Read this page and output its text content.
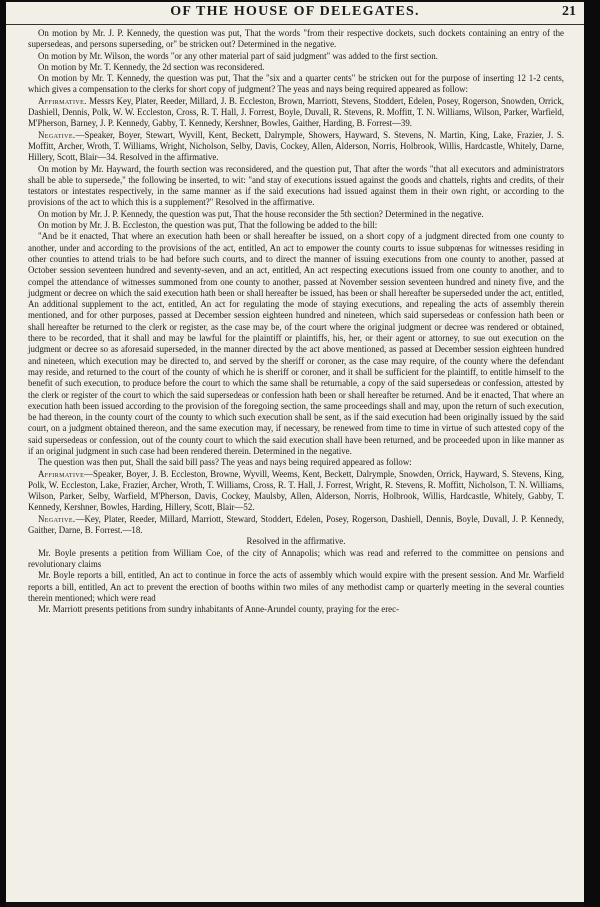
OF THE HOUSE OF DELEGATES.	21

On motion by Mr. J. P. Kennedy, the question was put, That the words "from their respective dockets, such dockets containing an entry of the supersedeas, and persons superseding, or" be stricken out? Determined in the negative.

On motion by Mr. Wilson, the words "or any other material part of said judgment" was added to the first section.

On motion by Mr. T. Kennedy, the 2d section was reconsidered.

On motion by Mr. T. Kennedy, the question was put, That the "six and a quarter cents" be stricken out for the purpose of inserting 12 1-2 cents, which gives a compensation to the clerks for short copy of judgment? The yeas and nays being required appeared as follow:

Affirmative. Messrs Key, Plater, Reeder, Millard, J. B. Eccleston, Brown, Marriott, Stevens, Stoddert, Edelen, Posey, Rogerson, Snowden, Orrick, Dashiell, Dennis, Polk, W. W. Eccleston, Cross, R. T. Hall, J. Forrest, Boyle, Duvall, R. Stevens, R. Moffitt, T. N. Williams, Wilson, Parker, Warfield, M'Pherson, Barney, J. P. Kennedy, Gabby, T. Kennedy, Kershner, Bowles, Gaither, Harding, B. Forrest—39.

Negative.—Speaker, Boyer, Stewart, Wyvill, Kent, Beckett, Dalrymple, Showers, Hayward, S. Stevens, N. Martin, King, Lake, Frazier, J. S. Moffitt, Archer, Wroth, T. Williams, Wright, Nicholson, Selby, Davis, Cockey, Allen, Alderson, Norris, Holbrook, Willis, Hardcastle, Whitely, Darne, Hillery, Scott, Blair—34. Resolved in the affirmative.

On motion by Mr. Hayward, the fourth section was reconsidered, and the question put, That after the words "that all executors and administrators shall be able to supersede," the following be inserted, to wit: "and stay of executions issued against the goods and chattels, rights and credits, of their testators or intestates respectively, in the same manner as if the said executions had issued against them in their own right, or according to the provisions of the act to which this is a supplement?" Resolved in the affirmative.

On motion by Mr. J. P. Kennedy, the question was put, That the house reconsider the 5th section? Determined in the negative.

On motion by Mr. J. B. Eccleston, the question was put, That the following be added to the bill:

"And be it enacted, That where an execution hath been or shall hereafter be issued, on a short copy of a judgment directed from one county to another, under and according to the provisions of the act, entitled, An act to empower the county courts to issue subpœnas for witnesses residing in other counties to attend trials to be had before such courts, and to direct the manner of issuing executions from one county to another, passed at October session seventeen hundred and seventy-seven, and an act, entitled, An act respecting executions issued from one county to another, and to compel the attendance of witnesses summoned from one county to another, passed at November session seventeen hundred and ninety five, and the judgment or decree on which the said execution hath been or shall hereafter be issued, has been or shall hereafter be superseded under the act, entitled, An additional supplement to the act, entitled, An act for regulating the mode of staying executions, and repealing the acts of assembly therein mentioned, and for other purposes, passed at December session eighteen hundred and nineteen, which said supersedeas or confession hath been or shall hereafter be returned to the clerk or register, as the case may be, of the court where the original judgment or decree was rendered or obtained, there to be recorded, that it shall and may be lawful for the plaintiff or plaintiffs, his, her, or their agent or attorney, to sue out execution on the judgment or decree so as aforesaid superseded, in the manner directed by the act above mentioned, as passed at December session eighteen hundred and nineteen, which execution may be directed to, and served by the sheriff or coroner, as the case may require, of the county where the defendant may reside, and returned to the court of the county of which he is sheriff or coroner, and it shall be sufficient for the plaintiff, to entitle himself to the benefit of such execution, to produce before the court to which the same shall be returnable, a copy of the said supersedeas or confession, attested by the clerk or register of the court to which the said supersedeas or confession hath been or shall hereafter be returned. And be it enacted, That where an execution hath been issued according to the provision of the foregoing section, the same proceedings shall and may, upon the return of such execution, be had thereon, in the county court of the county to which such execution shall be sent, as if the said execution had been originally issued by the said court, on a judgment obtained thereon, and the same execution may, if necessary, be renewed from time to time in virtue of such attested copy of the said supersedeas or confession, out of the county court to which the said execution shall have been returned, and be proceeded upon in like manner as if an original judgment in such case had been rendered therein. Determined in the negative.

The question was then put, Shall the said bill pass? The yeas and nays being required appeared as follow:

Affirmative—Speaker, Boyer, J. B. Eccleston, Browne, Wyvill, Weems, Kent, Beckett, Dalrymple, Snowden, Orrick, Hayward, S. Stevens, King, Polk, W. Eccleston, Lake, Frazier, Archer, Wroth, T. Williams, Cross, R. T. Hall, J. Forrest, Wright, R. Stevens, R. Moffitt, Nicholson, T. N. Williams, Wilson, Parker, Selby, Warfield, M'Pherson, Davis, Cockey, Maulsby, Allen, Alderson, Norris, Holbrook, Willis, Hardcastle, Whitely, Gabby, T. Kennedy, Kershner, Bowles, Harding, Hillery, Scott, Blair—52.

Negative.—Key, Plater, Reeder, Millard, Marriott, Steward, Stoddert, Edelen, Posey, Rogerson, Dashiell, Dennis, Boyle, Duvall, J. P. Kennedy, Gaither, Darne, B. Forrest.—18.

Resolved in the affirmative.

Mr. Boyle presents a petition from William Coe, of the city of Annapolis; which was read and referred to the committee on pensions and revolutionary claims

Mr. Boyle reports a bill, entitled, An act to continue in force the acts of assembly which would expire with the present session. And Mr. Warfield reports a bill, entitled, An act to prevent the erection of booths within two miles of any methodist camp or quarterly meeting in the several counties therein mentioned; which were read

Mr. Marriott presents petitions from sundry inhabitants of Anne-Arundel county, praying for the erec-
